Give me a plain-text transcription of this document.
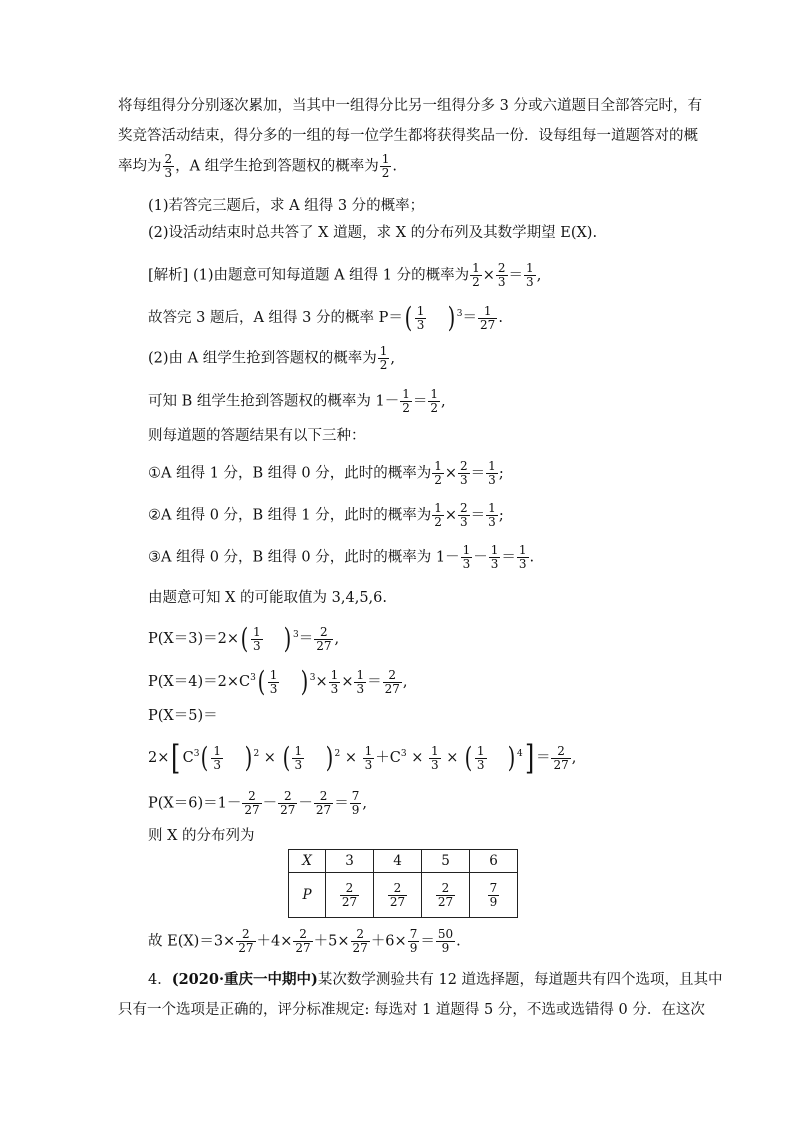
将每组得分分别逐次累加，当其中一组得分比另一组得分多 3 分或六道题目全部答完时，有
奖竞答活动结束，得分多的一组的每一位学生都将获得奖品一份．设每组每一道题答对的概
率均为 $\frac{2}{3}$ ，A 组学生抢到答题权的概率为 $\frac{1}{2}$ .
(1)若答完三题后，求 A 组得 3 分的概率；
(2)设活动结束时总共答了 X 道题，求 X 的分布列及其数学期望 E(X).
[解析] (1)由题意可知每道题 A 组得 1 分的概率为 $\frac{1}{2} \times \frac{2}{3} = \frac{1}{3}$ ,
故答完 3 题后，A 组得 3 分的概率 $P=( \frac{1}{3}$ ) $^3= \frac{1}{27}$ .
(2)由 A 组学生抢到答题权的概率为 $\frac{1}{2}$ ,
可知 B 组学生抢到答题权的概率为 $1- \frac{1}{2} = \frac{1}{2}$ ,
则每道题的答题结果有以下三种：
①A 组得 1 分，B 组得 0 分，此时的概率为 $\frac{1}{2} \times \frac{2}{3} = \frac{1}{3}$ ;
②A 组得 0 分，B 组得 1 分，此时的概率为 $\frac{1}{2} \times \frac{2}{3} = \frac{1}{3}$ ;
③A 组得 0 分，B 组得 0 分，此时的概率为 $1- \frac{1}{3} - \frac{1}{3} = \frac{1}{3}$ .
由题意可知 X 的可能取值为 3,4,5,6.
$P(X=3)=2\times( \frac{1}{3}$ ) $^3= \frac{2}{27}$ ,
$P(X=4)=2\times C^3( \frac{1}{3}$ ) $^3\times \frac{1}{3} \times \frac{1}{3} = \frac{2}{27}$ ,
P(X＝5)＝
2×[ $C^3( \frac{1}{3}$ ) $^2$ × ( $\frac{1}{3}$ ) $^2 \times \frac{1}{3} +C^3 \times \frac{1}{3}$ × ( $\frac{1}{3}$ ) $^4] = \frac{2}{27}$ ,
$P(X=6)=1- \frac{2}{27} - \frac{2}{27} - \frac{2}{27} = \frac{7}{9}$ ,
则 X 的分布列为
X	3	4	5	6
P	$\frac{2}{27}$	$\frac{2}{27}$	$\frac{2}{27}$	$\frac{7}{9}$
故 $E(X)=3\times \frac{2}{27} +4\times \frac{2}{27} +5\times \frac{2}{27} +6\times \frac{7}{9} = \frac{50}{9}$ .
4．(2020·重庆一中期中)某次数学测验共有 12 道选择题，每道题共有四个选项，且其中
只有一个选项是正确的，评分标准规定: 每选对 1 道题得 5 分，不选或选错得 0 分．在这次
